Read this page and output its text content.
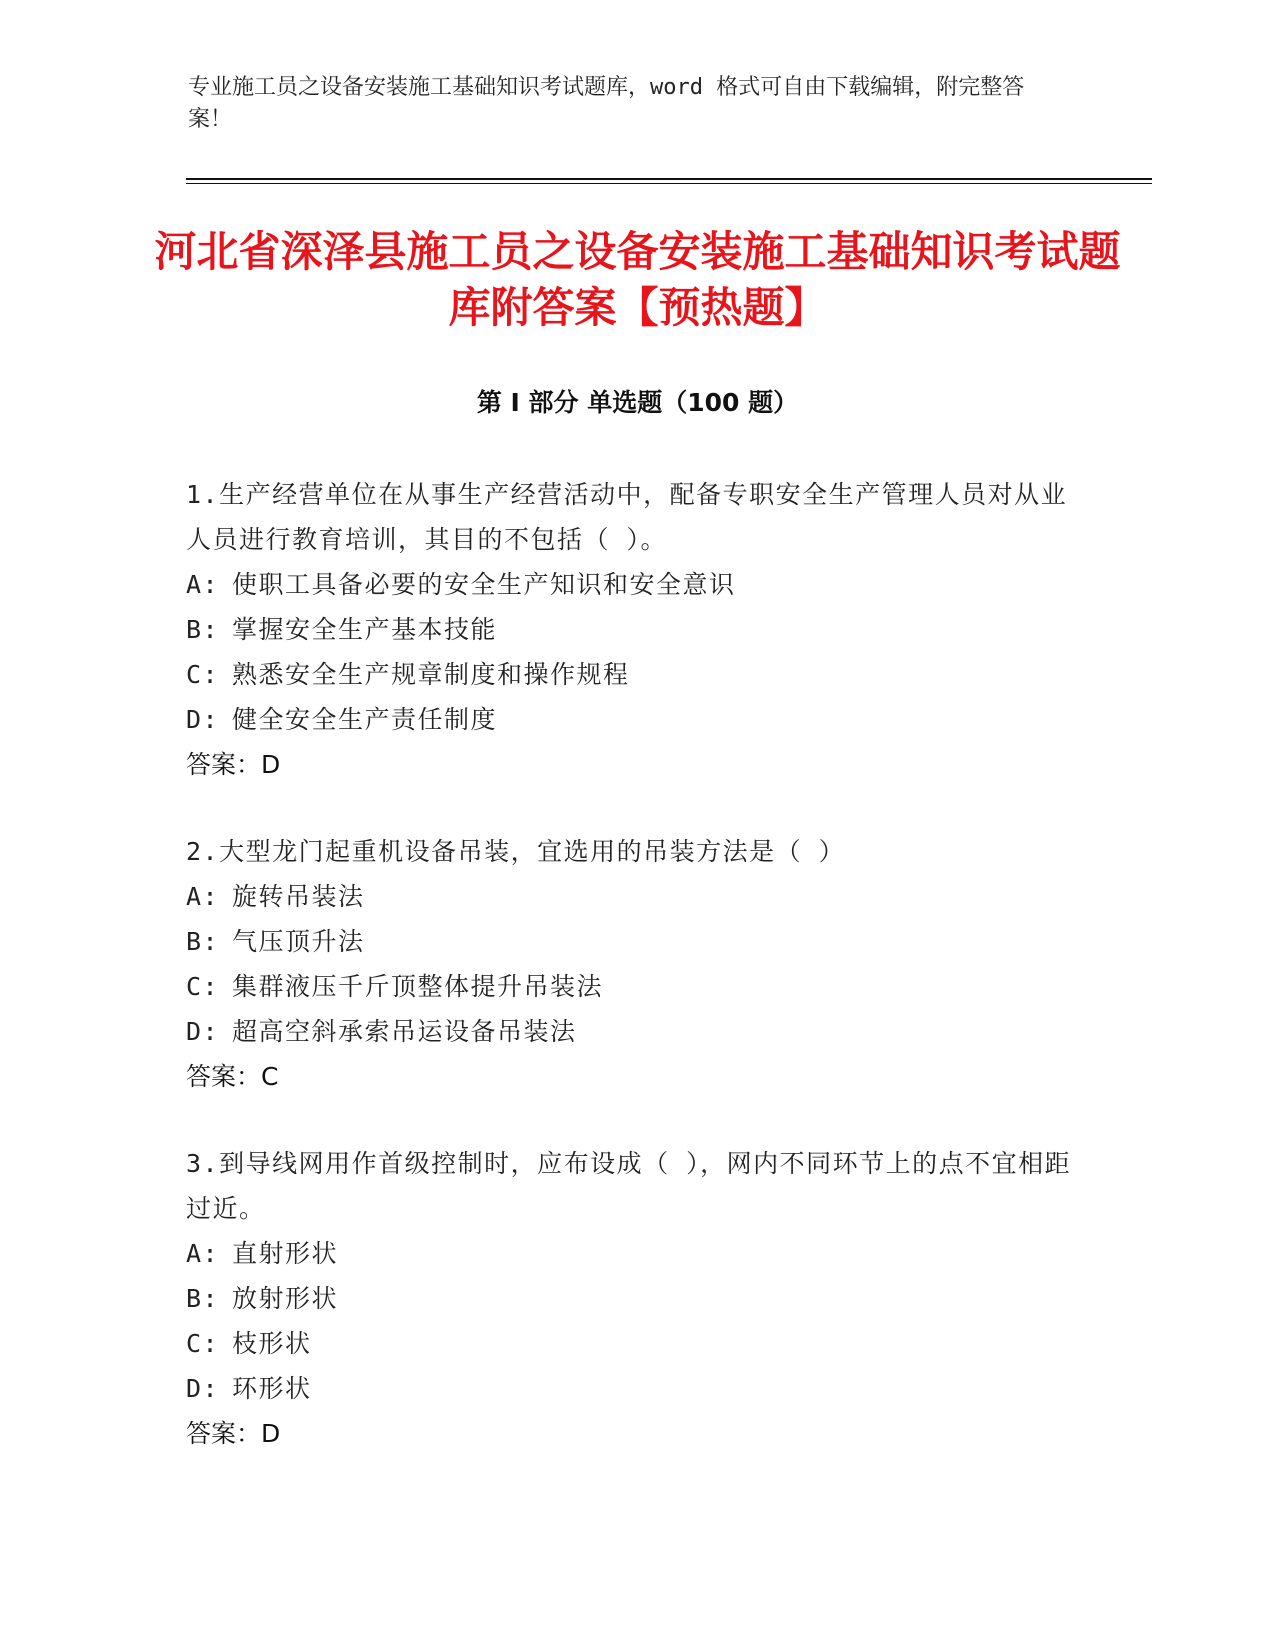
专业施工员之设备安装施工基础知识考试题库，word 格式可自由下载编辑，附完整答案！
河北省深泽县施工员之设备安装施工基础知识考试题库附答案【预热题】
第 I 部分 单选题（100 题）
1.生产经营单位在从事生产经营活动中，配备专职安全生产管理人员对从业人员进行教育培训，其目的不包括（ ）。
A: 使职工具备必要的安全生产知识和安全意识
B: 掌握安全生产基本技能
C: 熟悉安全生产规章制度和操作规程
D: 健全安全生产责任制度
答案：D
2.大型龙门起重机设备吊装，宜选用的吊装方法是（ ）
A: 旋转吊装法
B: 气压顶升法
C: 集群液压千斤顶整体提升吊装法
D: 超高空斜承索吊运设备吊装法
答案：C
3.到导线网用作首级控制时，应布设成（ ），网内不同环节上的点不宜相距过近。
A: 直射形状
B: 放射形状
C: 枝形状
D: 环形状
答案：D
